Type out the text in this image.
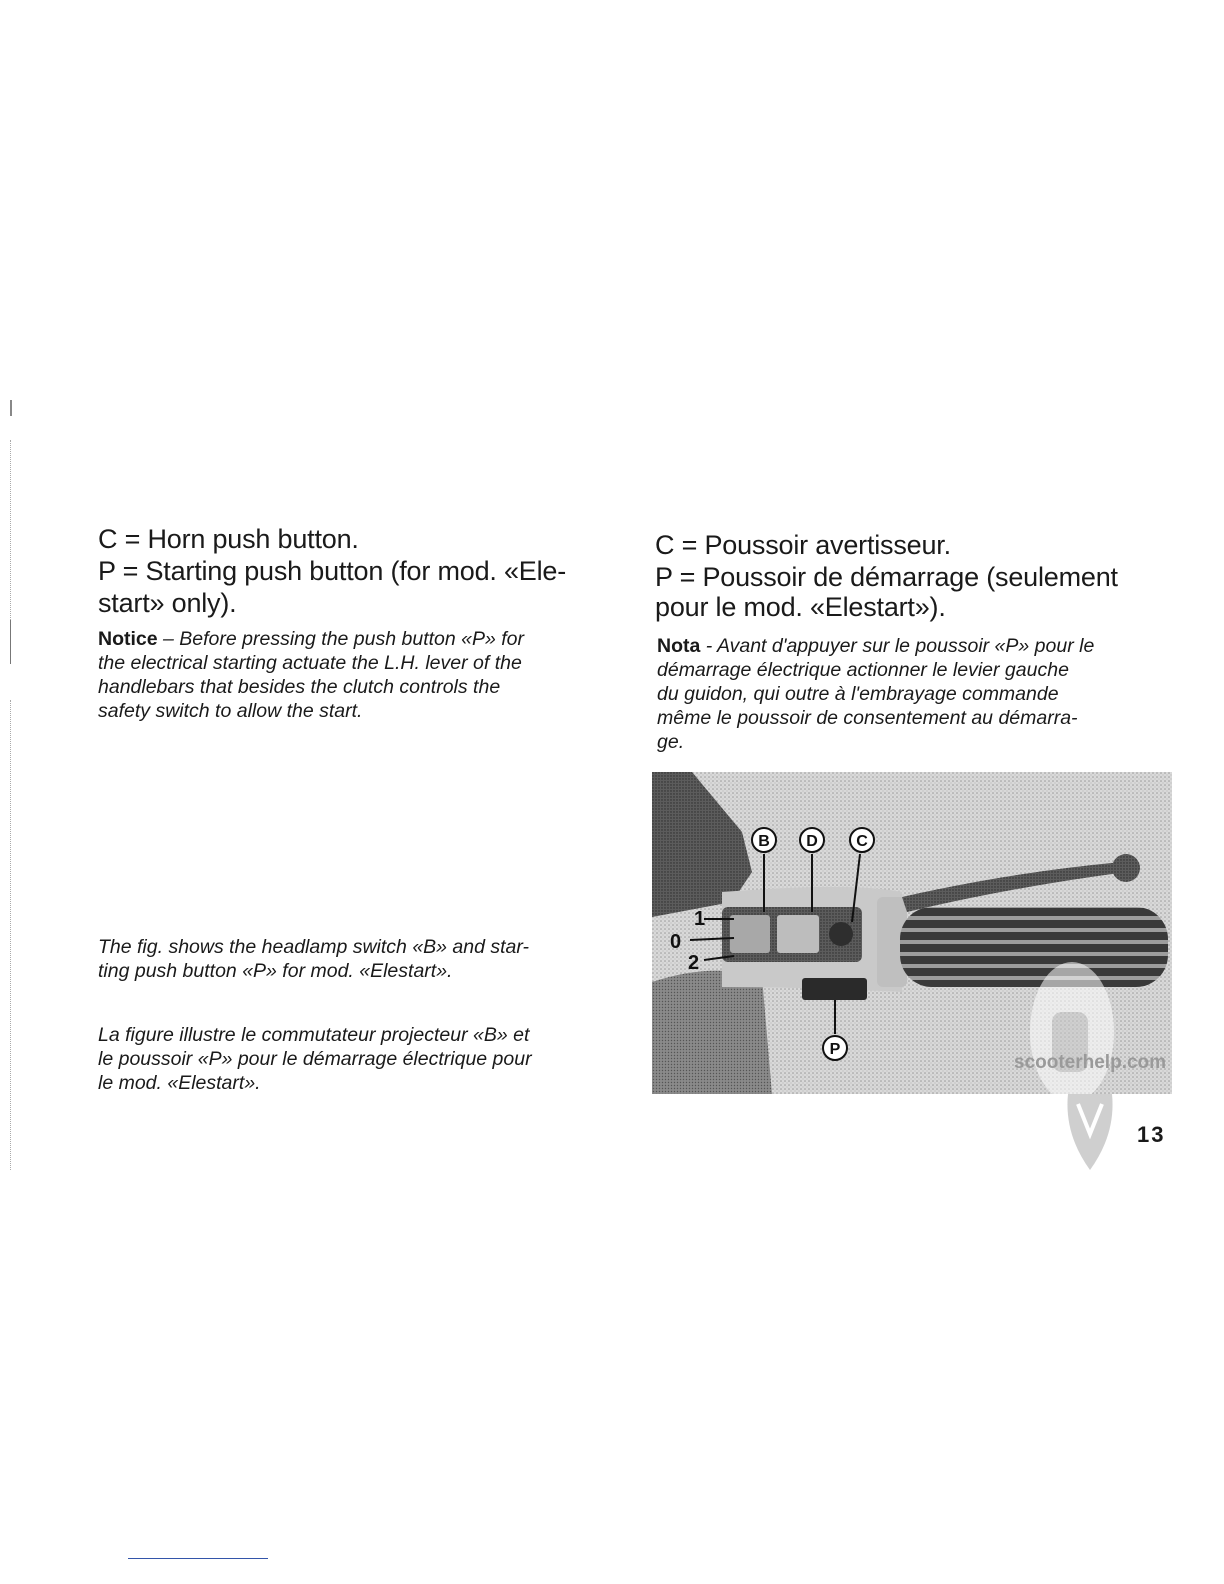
C = Horn push button.
P = Starting push button (for mod. «Ele-
start» only).
Notice – Before pressing the push button «P» for
the electrical starting actuate the L.H. lever of the
handlebars that besides the clutch controls the
safety switch to allow the start.
The fig. shows the headlamp switch «B» and star-
ting push button «P» for mod. «Elestart».
La figure illustre le commutateur projecteur «B» et
le poussoir «P» pour le démarrage électrique pour
le mod. «Elestart».
C = Poussoir avertisseur.
P = Poussoir de démarrage (seulement
pour le mod. «Elestart»).
Nota - Avant d'appuyer sur le poussoir «P» pour le
démarrage électrique actionner le levier gauche
du guidon, qui outre à l'embrayage commande
même le poussoir de consentement au démarra-
ge.
B D C
P
1
0
2
scooterhelp.com
13
